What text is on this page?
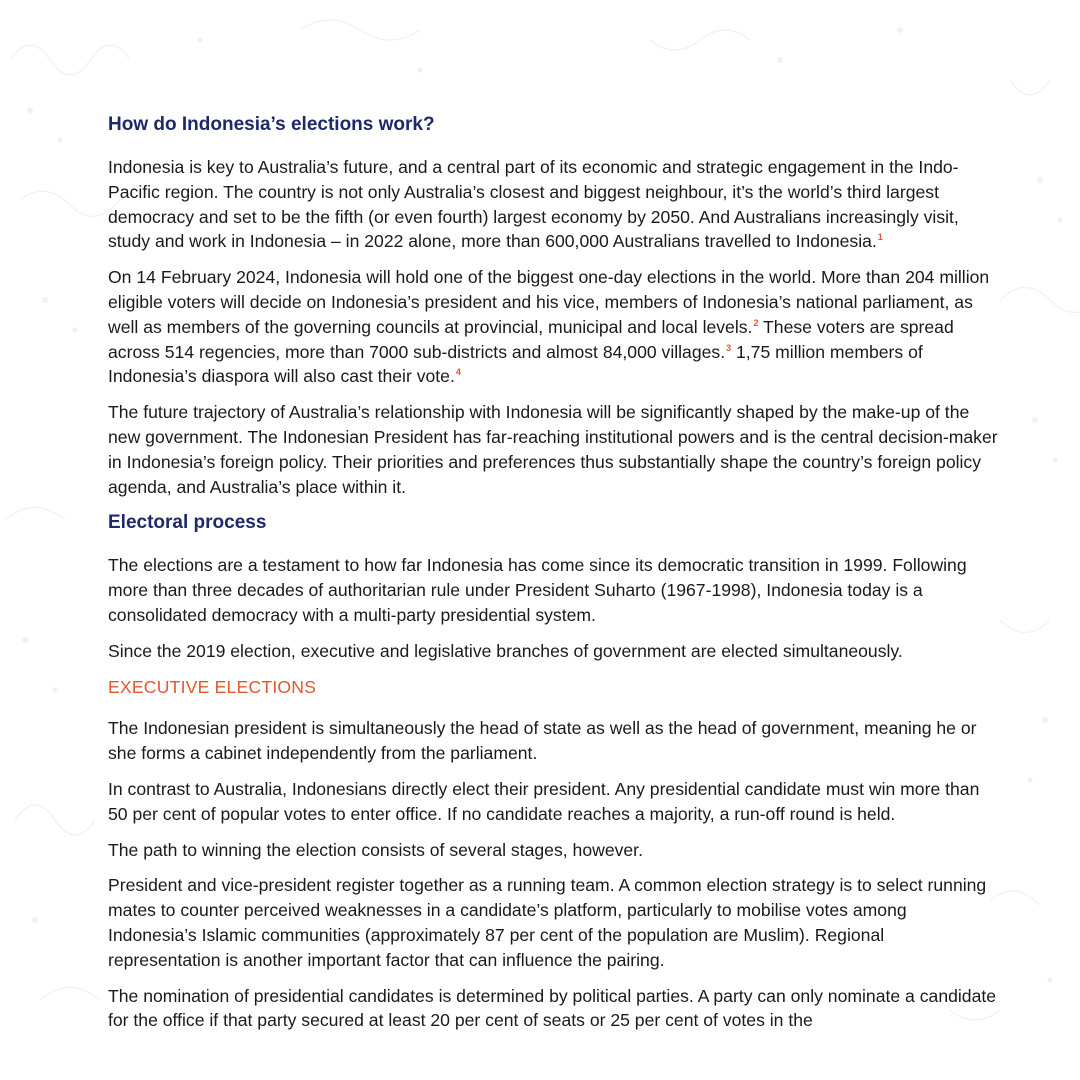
How do Indonesia’s elections work?

Indonesia is key to Australia’s future, and a central part of its economic and strategic engagement in the Indo-Pacific region. The country is not only Australia’s closest and biggest neighbour, it’s the world’s third largest democracy and set to be the fifth (or even fourth) largest economy by 2050. And Australians increasingly visit, study and work in Indonesia – in 2022 alone, more than 600,000 Australians travelled to Indonesia.$^1$

On 14 February 2024, Indonesia will hold one of the biggest one-day elections in the world. More than 204 million eligible voters will decide on Indonesia’s president and his vice, members of Indonesia’s national parliament, as well as members of the governing councils at provincial, municipal and local levels.$^2$ These voters are spread across 514 regencies, more than 7000 sub-districts and almost 84,000 villages.$^3$ 1,75 million members of Indonesia’s diaspora will also cast their vote.$^4$

The future trajectory of Australia’s relationship with Indonesia will be significantly shaped by the make-up of the new government. The Indonesian President has far-reaching institutional powers and is the central decision-maker in Indonesia’s foreign policy. Their priorities and preferences thus substantially shape the country’s foreign policy agenda, and Australia’s place within it.

Electoral process

The elections are a testament to how far Indonesia has come since its democratic transition in 1999. Following more than three decades of authoritarian rule under President Suharto (1967-1998), Indonesia today is a consolidated democracy with a multi-party presidential system.

Since the 2019 election, executive and legislative branches of government are elected simultaneously.

EXECUTIVE ELECTIONS

The Indonesian president is simultaneously the head of state as well as the head of government, meaning he or she forms a cabinet independently from the parliament.

In contrast to Australia, Indonesians directly elect their president. Any presidential candidate must win more than 50 per cent of popular votes to enter office. If no candidate reaches a majority, a run-off round is held.

The path to winning the election consists of several stages, however.

President and vice-president register together as a running team. A common election strategy is to select running mates to counter perceived weaknesses in a candidate’s platform, particularly to mobilise votes among Indonesia’s Islamic communities (approximately 87 per cent of the population are Muslim). Regional representation is another important factor that can influence the pairing.

The nomination of presidential candidates is determined by political parties. A party can only nominate a candidate for the office if that party secured at least 20 per cent of seats or 25 per cent of votes in the
